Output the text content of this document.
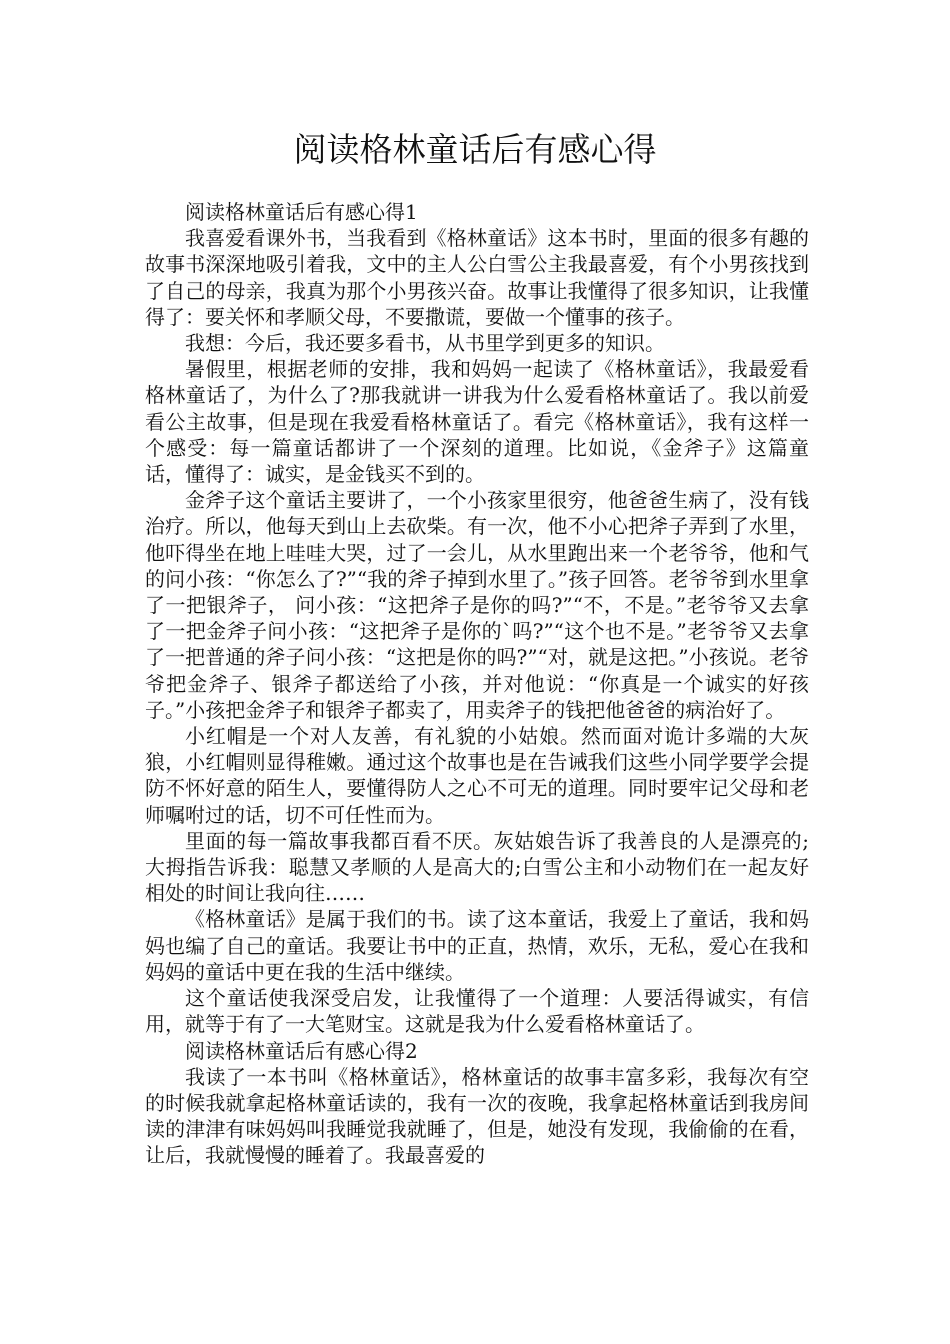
阅读格林童话后有感心得

阅读格林童话后有感心得1

我喜爱看课外书，当我看到《格林童话》这本书时，里面的很多有趣的故事书深深地吸引着我，文中的主人公白雪公主我最喜爱，有个小男孩找到了自己的母亲，我真为那个小男孩兴奋。故事让我懂得了很多知识，让我懂得了：要关怀和孝顺父母，不要撒谎，要做一个懂事的孩子。

我想：今后，我还要多看书，从书里学到更多的知识。

暑假里，根据老师的安排，我和妈妈一起读了《格林童话》，我最爱看格林童话了，为什么了?那我就讲一讲我为什么爱看格林童话了。我以前爱看公主故事，但是现在我爱看格林童话了。看完《格林童话》，我有这样一个感受：每一篇童话都讲了一个深刻的道理。比如说，《金斧子》这篇童话，懂得了：诚实，是金钱买不到的。

金斧子这个童话主要讲了，一个小孩家里很穷，他爸爸生病了，没有钱治疗。所以，他每天到山上去砍柴。有一次，他不小心把斧子弄到了水里，他吓得坐在地上哇哇大哭，过了一会儿，从水里跑出来一个老爷爷，他和气的问小孩：“你怎么了?”“我的斧子掉到水里了。”孩子回答。老爷爷到水里拿了一把银斧子， 问小孩：“这把斧子是你的吗?”“不，不是。”老爷爷又去拿了一把金斧子问小孩：“这把斧子是你的`吗?”“这个也不是。”老爷爷又去拿了一把普通的斧子问小孩：“这把是你的吗?”“对，就是这把。”小孩说。老爷爷把金斧子、银斧子都送给了小孩，并对他说：“你真是一个诚实的好孩子。”小孩把金斧子和银斧子都卖了，用卖斧子的钱把他爸爸的病治好了。

小红帽是一个对人友善，有礼貌的小姑娘。然而面对诡计多端的大灰狼，小红帽则显得稚嫩。通过这个故事也是在告诫我们这些小同学要学会提防不怀好意的陌生人，要懂得防人之心不可无的道理。同时要牢记父母和老师嘱咐过的话，切不可任性而为。

里面的每一篇故事我都百看不厌。灰姑娘告诉了我善良的人是漂亮的;大拇指告诉我：聪慧又孝顺的人是高大的;白雪公主和小动物们在一起友好相处的时间让我向往……

《格林童话》是属于我们的书。读了这本童话，我爱上了童话，我和妈妈也编了自己的童话。我要让书中的正直，热情，欢乐，无私，爱心在我和妈妈的童话中更在我的生活中继续。

这个童话使我深受启发，让我懂得了一个道理：人要活得诚实，有信用，就等于有了一大笔财宝。这就是我为什么爱看格林童话了。

阅读格林童话后有感心得2

我读了一本书叫《格林童话》，格林童话的故事丰富多彩，我每次有空的时候我就拿起格林童话读的，我有一次的夜晚，我拿起格林童话到我房间读的津津有味妈妈叫我睡觉我就睡了，但是，她没有发现，我偷偷的在看，让后，我就慢慢的睡着了。我最喜爱的
